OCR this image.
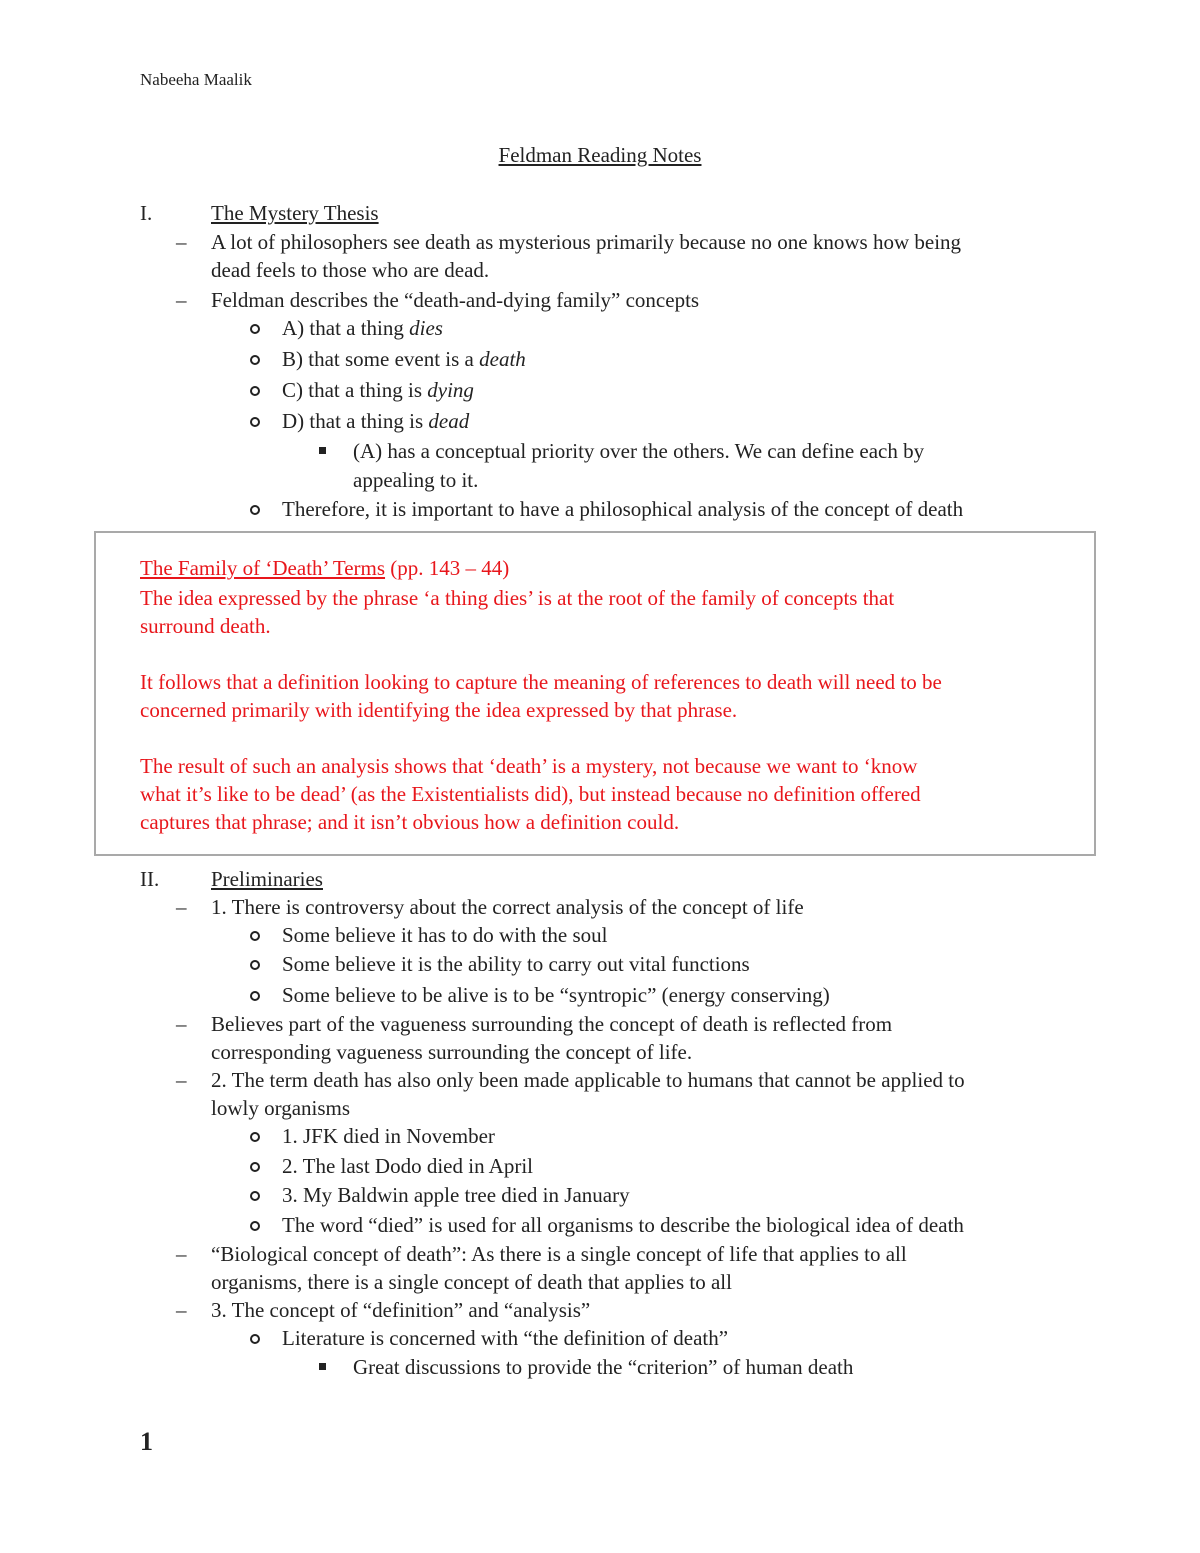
Nabeeha Maalik
Feldman Reading Notes
I.	The Mystery Thesis
– A lot of philosophers see death as mysterious primarily because no one knows how being
dead feels to those who are dead.
– Feldman describes the “death-and-dying family” concepts
A) that a thing dies
B) that some event is a death
C) that a thing is dying
D) that a thing is dead
(A) has a conceptual priority over the others. We can define each by
appealing to it.
Therefore, it is important to have a philosophical analysis of the concept of death
The Family of ‘Death’ Terms (pp. 143 – 44)
The idea expressed by the phrase ‘a thing dies’ is at the root of the family of concepts that
surround death.
It follows that a definition looking to capture the meaning of references to death will need to be
concerned primarily with identifying the idea expressed by that phrase.
The result of such an analysis shows that ‘death’ is a mystery, not because we want to ‘know
what it’s like to be dead’ (as the Existentialists did), but instead because no definition offered
captures that phrase; and it isn’t obvious how a definition could.
II. Preliminaries
– 1. There is controversy about the correct analysis of the concept of life
Some believe it has to do with the soul
Some believe it is the ability to carry out vital functions
Some believe to be alive is to be “syntropic” (energy conserving)
– Believes part of the vagueness surrounding the concept of death is reflected from
corresponding vagueness surrounding the concept of life.
– 2. The term death has also only been made applicable to humans that cannot be applied to
lowly organisms
1. JFK died in November
2. The last Dodo died in April
3. My Baldwin apple tree died in January
The word “died” is used for all organisms to describe the biological idea of death
– “Biological concept of death”: As there is a single concept of life that applies to all
organisms, there is a single concept of death that applies to all
– 3. The concept of “definition” and “analysis”
Literature is concerned with “the definition of death”
Great discussions to provide the “criterion” of human death
1
